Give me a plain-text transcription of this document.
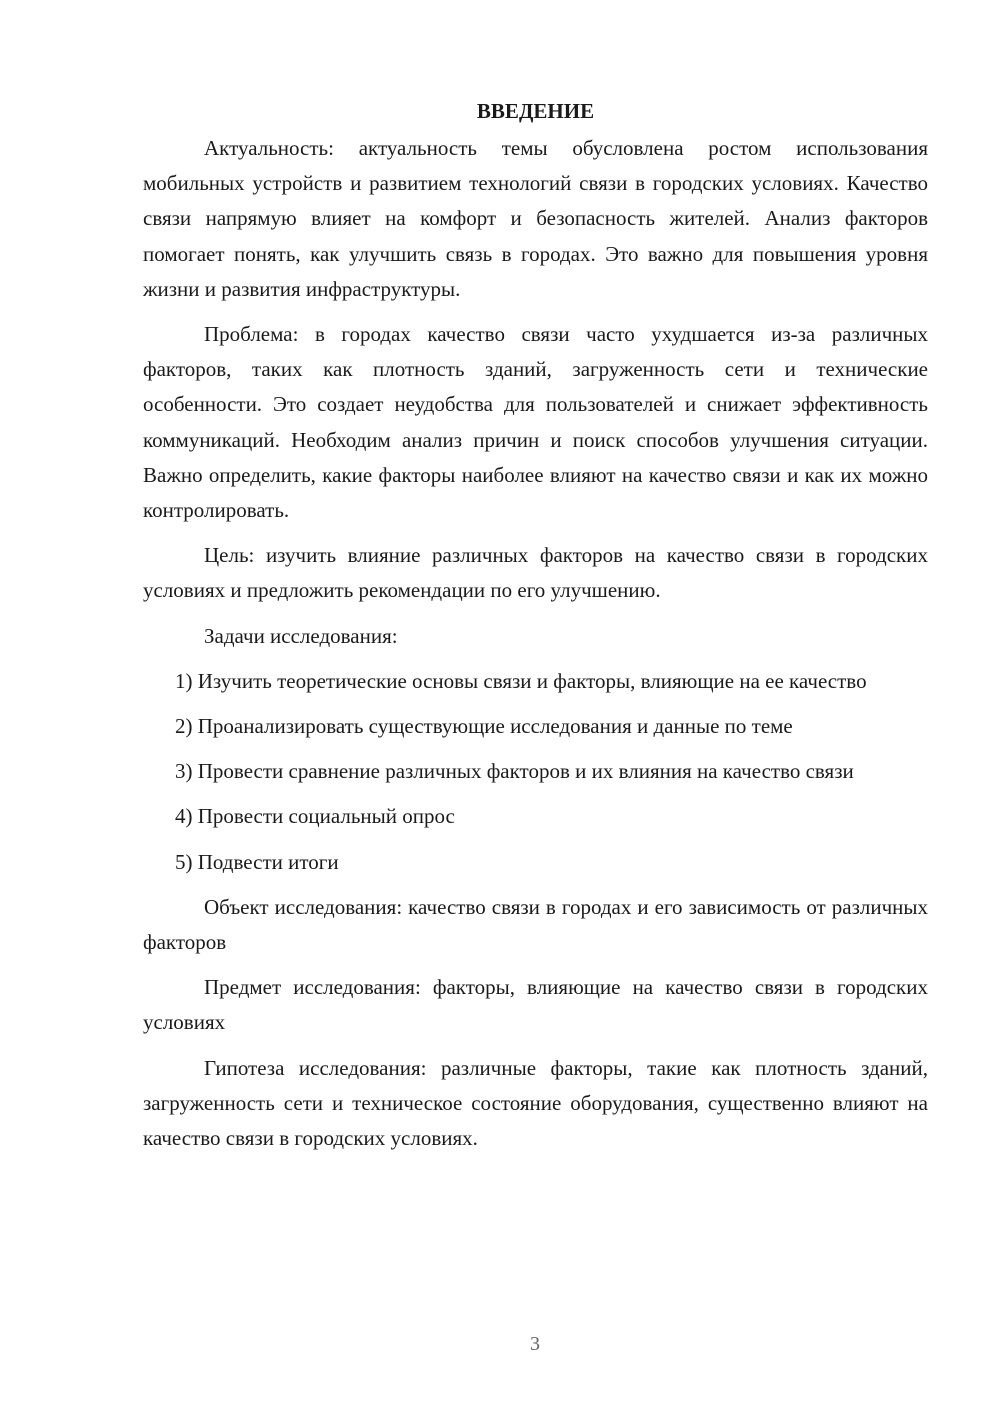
ВВЕДЕНИЕ

Актуальность: актуальность темы обусловлена ростом использования мобильных устройств и развитием технологий связи в городских условиях. Качество связи напрямую влияет на комфорт и безопасность жителей. Анализ факторов помогает понять, как улучшить связь в городах. Это важно для повышения уровня жизни и развития инфраструктуры.

Проблема: в городах качество связи часто ухудшается из-за различных факторов, таких как плотность зданий, загруженность сети и технические особенности. Это создает неудобства для пользователей и снижает эффективность коммуникаций. Необходим анализ причин и поиск способов улучшения ситуации. Важно определить, какие факторы наиболее влияют на качество связи и как их можно контролировать.

Цель: изучить влияние различных факторов на качество связи в городских условиях и предложить рекомендации по его улучшению.

Задачи исследования:

1) Изучить теоретические основы связи и факторы, влияющие на ее качество

2) Проанализировать существующие исследования и данные по теме

3) Провести сравнение различных факторов и их влияния на качество связи

4) Провести социальный опрос

5) Подвести итоги

Объект исследования: качество связи в городах и его зависимость от различных факторов

Предмет исследования: факторы, влияющие на качество связи в городских условиях

Гипотеза исследования: различные факторы, такие как плотность зданий, загруженность сети и техническое состояние оборудования, существенно влияют на качество связи в городских условиях.

3
